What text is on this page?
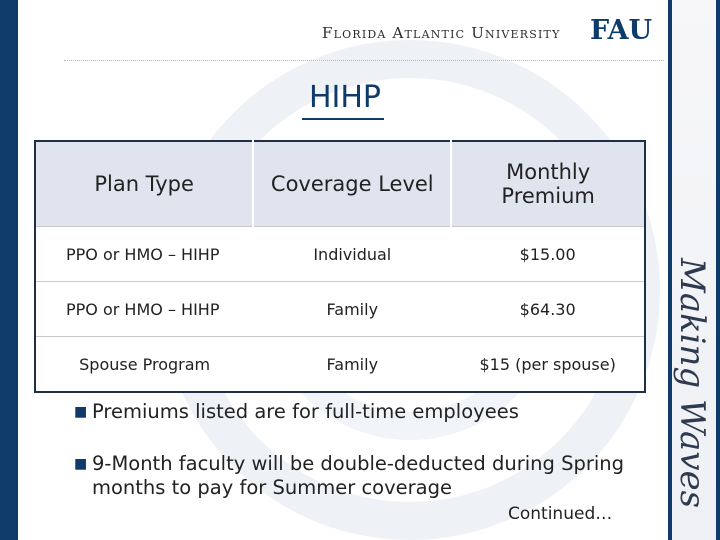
Making Waves
Florida Atlantic University FAU
HIHP
Plan Type	Coverage Level	Monthly Premium
PPO or HMO – HIHP	Individual	$15.00
PPO or HMO – HIHP	Family	$64.30
Spouse Program	Family	$15 (per spouse)
■ Premiums listed are for full-time employees
■ 9-Month faculty will be double-deducted during Spring months to pay for Summer coverage
Continued…
